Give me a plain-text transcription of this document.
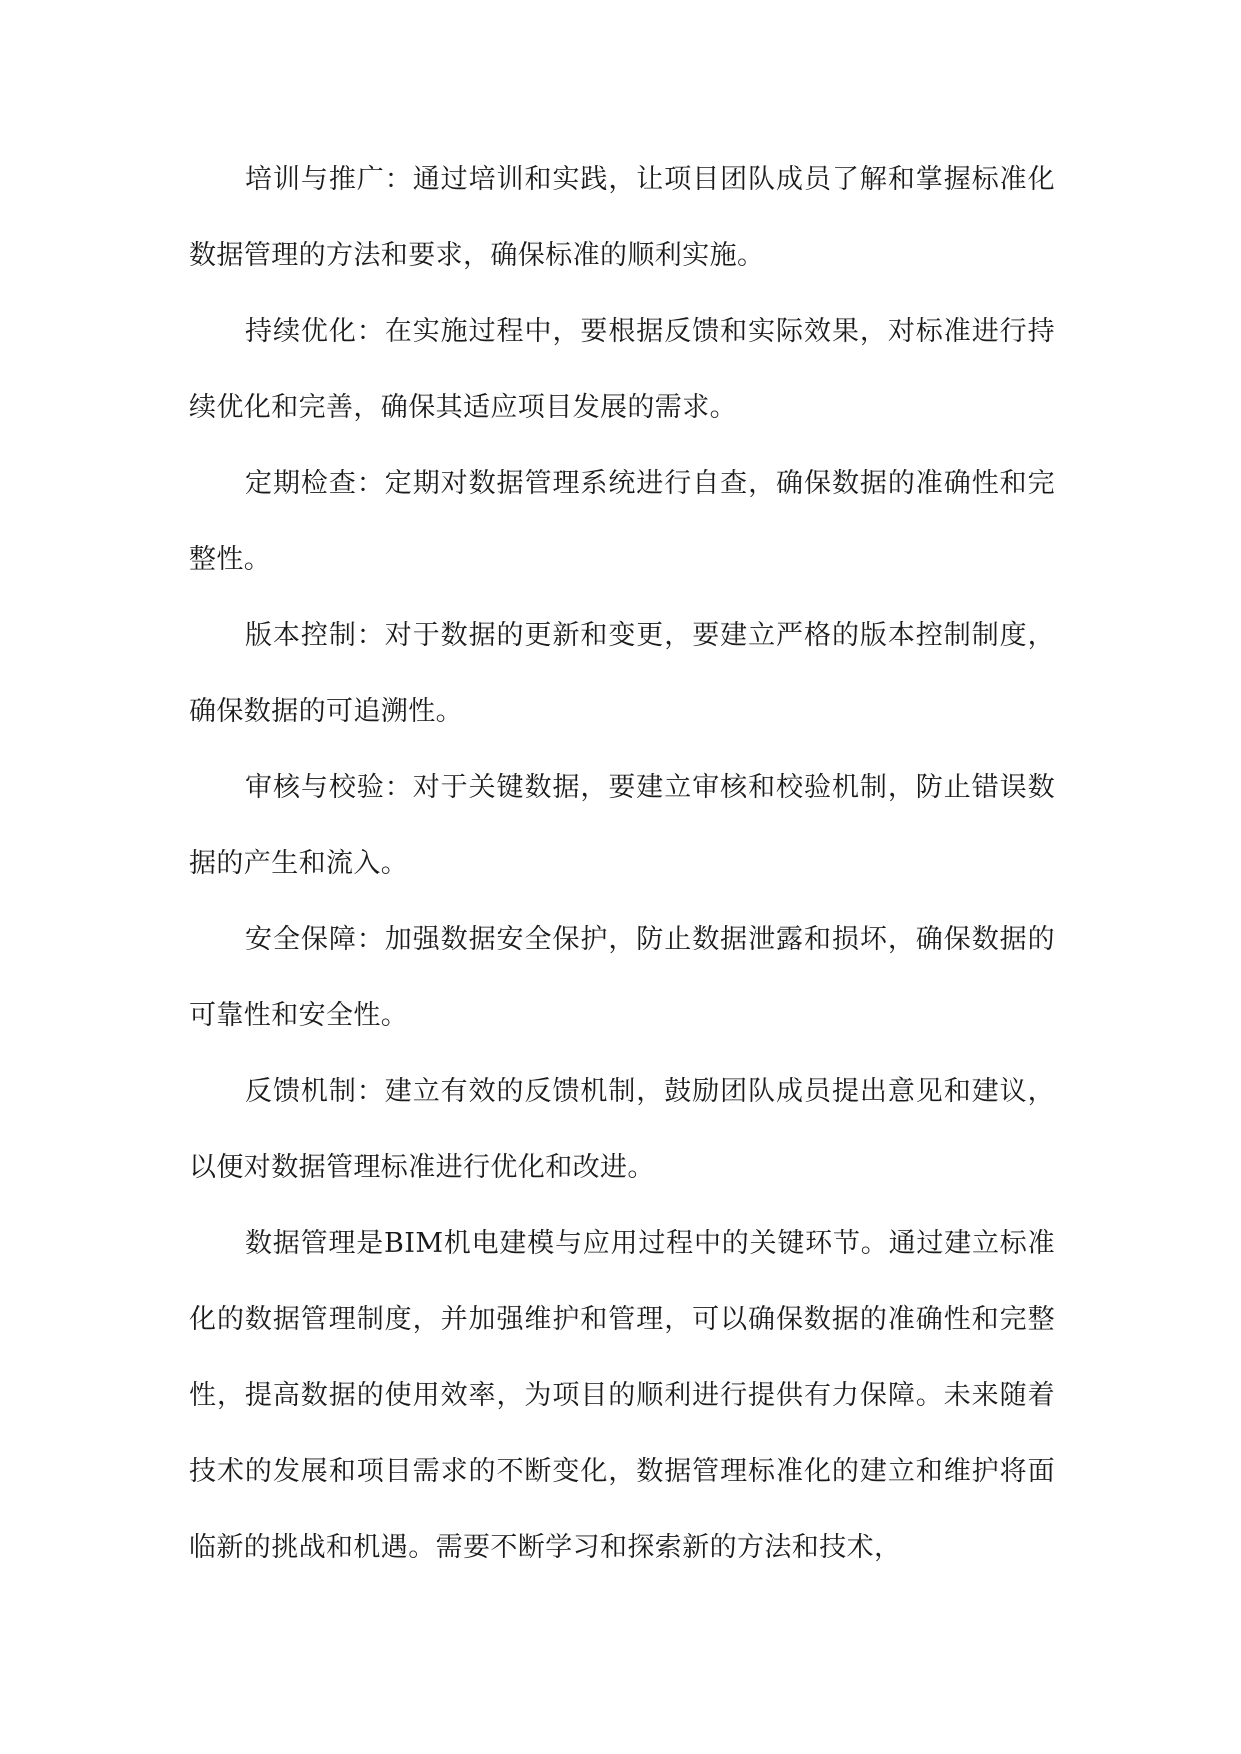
培训与推广：通过培训和实践，让项目团队成员了解和掌握标准化数据管理的方法和要求，确保标准的顺利实施。

持续优化：在实施过程中，要根据反馈和实际效果，对标准进行持续优化和完善，确保其适应项目发展的需求。

定期检查：定期对数据管理系统进行自查，确保数据的准确性和完整性。

版本控制：对于数据的更新和变更，要建立严格的版本控制制度，确保数据的可追溯性。

审核与校验：对于关键数据，要建立审核和校验机制，防止错误数据的产生和流入。

安全保障：加强数据安全保护，防止数据泄露和损坏，确保数据的可靠性和安全性。

反馈机制：建立有效的反馈机制，鼓励团队成员提出意见和建议，以便对数据管理标准进行优化和改进。

数据管理是BIM机电建模与应用过程中的关键环节。通过建立标准化的数据管理制度，并加强维护和管理，可以确保数据的准确性和完整性，提高数据的使用效率，为项目的顺利进行提供有力保障。未来随着技术的发展和项目需求的不断变化，数据管理标准化的建立和维护将面临新的挑战和机遇。需要不断学习和探索新的方法和技术，
